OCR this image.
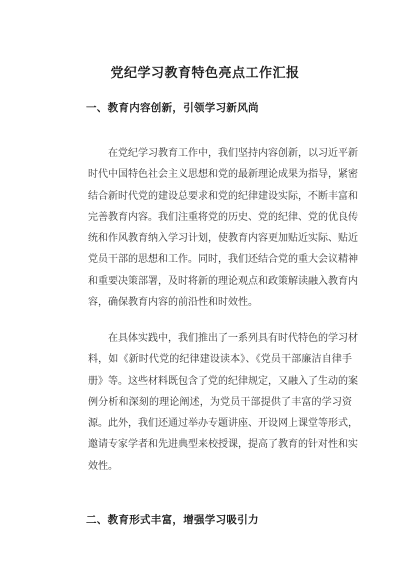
党纪学习教育特色亮点工作汇报
一、教育内容创新，引领学习新风尚
在党纪学习教育工作中，我们坚持内容创新，以习近平新
时代中国特色社会主义思想和党的最新理论成果为指导，紧密
结合新时代党的建设总要求和党的纪律建设实际，不断丰富和
完善教育内容。我们注重将党的历史、党的纪律、党的优良传
统和作风教育纳入学习计划，使教育内容更加贴近实际、贴近
党员干部的思想和工作。同时，我们还结合党的重大会议精神
和重要决策部署，及时将新的理论观点和政策解读融入教育内
容，确保教育内容的前沿性和时效性。
在具体实践中，我们推出了一系列具有时代特色的学习材
料，如《新时代党的纪律建设读本》、《党员干部廉洁自律手
册》等。这些材料既包含了党的纪律规定，又融入了生动的案
例分析和深刻的理论阐述，为党员干部提供了丰富的学习资
源。此外，我们还通过举办专题讲座、开设网上课堂等形式，
邀请专家学者和先进典型来校授课，提高了教育的针对性和实
效性。
二、教育形式丰富，增强学习吸引力
